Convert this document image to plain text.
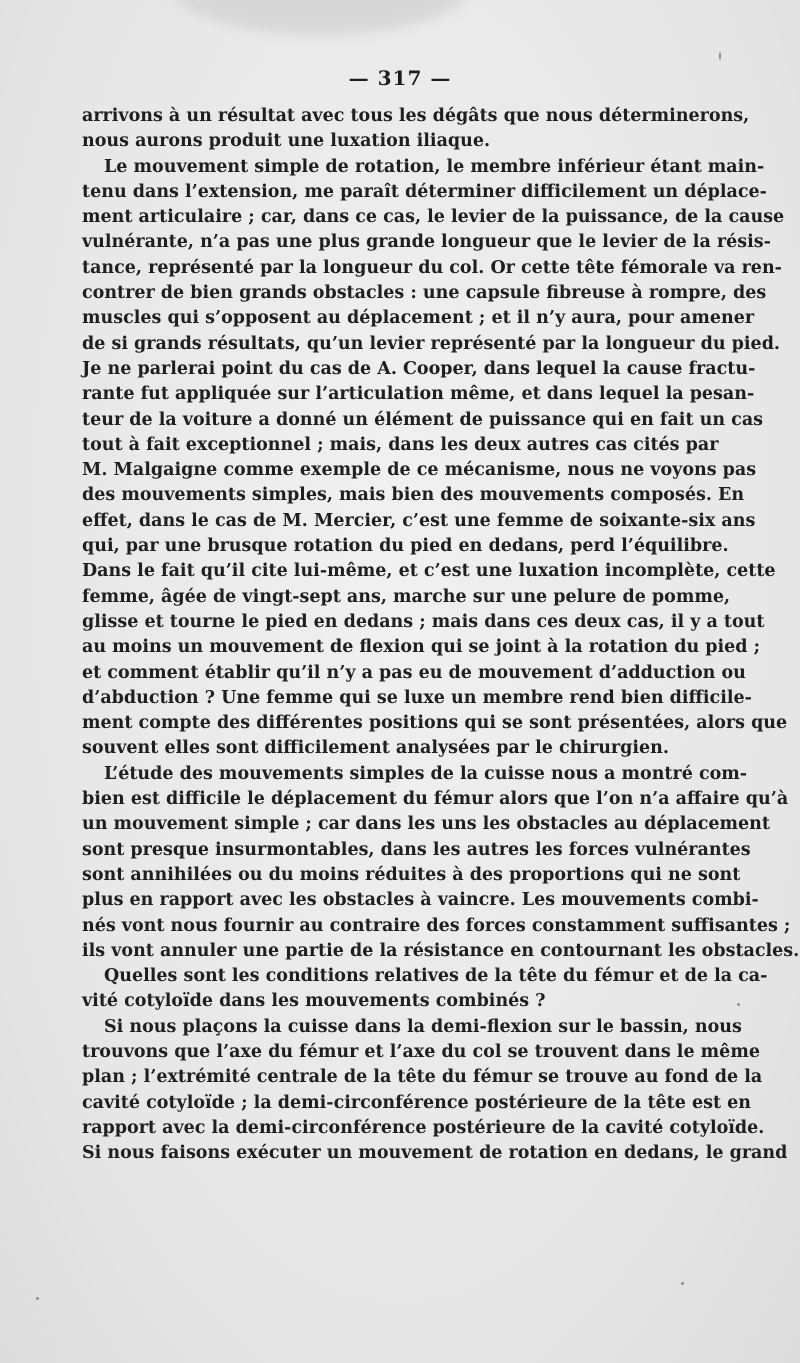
— 317 —
arrivons à un résultat avec tous les dégâts que nous déterminerons,
nous aurons produit une luxation iliaque.
Le mouvement simple de rotation, le membre inférieur étant main-
tenu dans l’extension, me paraît déterminer difficilement un déplace-
ment articulaire ; car, dans ce cas, le levier de la puissance, de la cause
vulnérante, n’a pas une plus grande longueur que le levier de la résis-
tance, représenté par la longueur du col. Or cette tête fémorale va ren-
contrer de bien grands obstacles : une capsule fibreuse à rompre, des
muscles qui s’opposent au déplacement ; et il n’y aura, pour amener
de si grands résultats, qu’un levier représenté par la longueur du pied.
Je ne parlerai point du cas de A. Cooper, dans lequel la cause fractu-
rante fut appliquée sur l’articulation même, et dans lequel la pesan-
teur de la voiture a donné un élément de puissance qui en fait un cas
tout à fait exceptionnel ; mais, dans les deux autres cas cités par
M. Malgaigne comme exemple de ce mécanisme, nous ne voyons pas
des mouvements simples, mais bien des mouvements composés. En
effet, dans le cas de M. Mercier, c’est une femme de soixante-six ans
qui, par une brusque rotation du pied en dedans, perd l’équilibre.
Dans le fait qu’il cite lui-même, et c’est une luxation incomplète, cette
femme, âgée de vingt-sept ans, marche sur une pelure de pomme,
glisse et tourne le pied en dedans ; mais dans ces deux cas, il y a tout
au moins un mouvement de flexion qui se joint à la rotation du pied ;
et comment établir qu’il n’y a pas eu de mouvement d’adduction ou
d’abduction ? Une femme qui se luxe un membre rend bien difficile-
ment compte des différentes positions qui se sont présentées, alors que
souvent elles sont difficilement analysées par le chirurgien.
L’étude des mouvements simples de la cuisse nous a montré com-
bien est difficile le déplacement du fémur alors que l’on n’a affaire qu’à
un mouvement simple ; car dans les uns les obstacles au déplacement
sont presque insurmontables, dans les autres les forces vulnérantes
sont annihilées ou du moins réduites à des proportions qui ne sont
plus en rapport avec les obstacles à vaincre. Les mouvements combi-
nés vont nous fournir au contraire des forces constamment suffisantes ;
ils vont annuler une partie de la résistance en contournant les obstacles.
Quelles sont les conditions relatives de la tête du fémur et de la ca-
vité cotyloïde dans les mouvements combinés ?
Si nous plaçons la cuisse dans la demi-flexion sur le bassin, nous
trouvons que l’axe du fémur et l’axe du col se trouvent dans le même
plan ; l’extrémité centrale de la tête du fémur se trouve au fond de la
cavité cotyloïde ; la demi-circonférence postérieure de la tête est en
rapport avec la demi-circonférence postérieure de la cavité cotyloïde.
Si nous faisons exécuter un mouvement de rotation en dedans, le grand
